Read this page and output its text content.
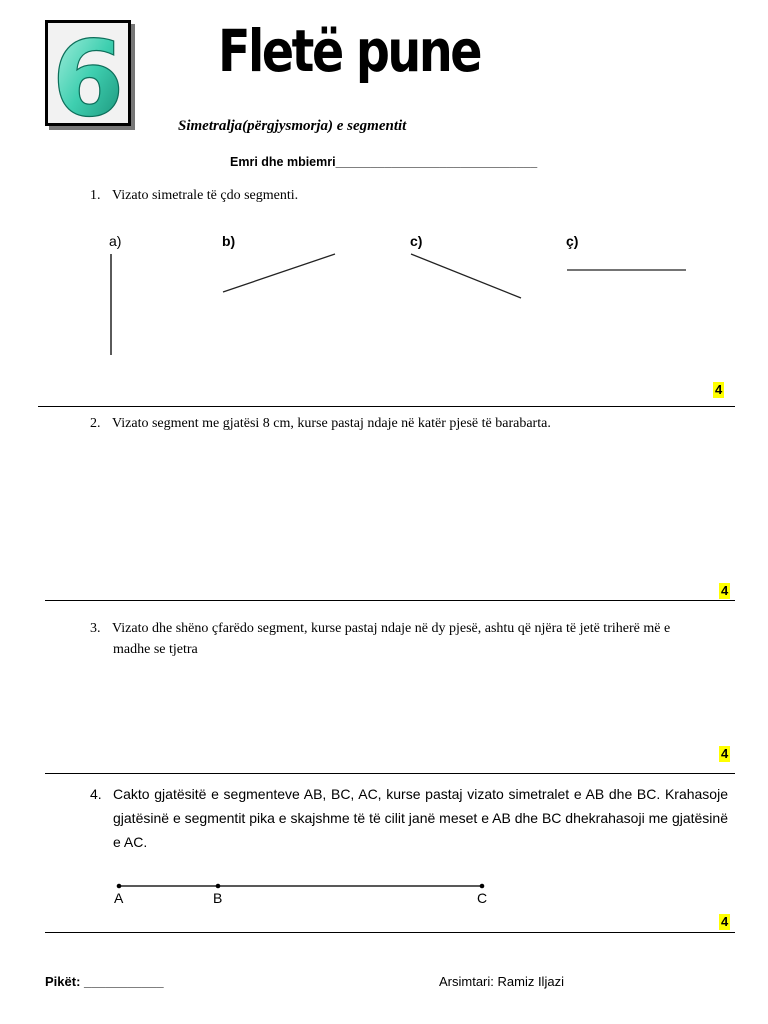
6 Fletë pune
Simetralja(përgjysmorja) e segmentit
Emri dhe mbiemri_____________________________
1. Vizato simetrale të çdo segmenti.
a)	b)	c)	ç)
4
2. Vizato segment me gjatësi 8 cm, kurse pastaj ndaje në katër pjesë të barabarta.
4
3. Vizato dhe shëno çfarëdo segment, kurse pastaj ndaje në dy pjesë, ashtu që njëra të jetë triherë më e
madhe se tjetra
4
4. Cakto gjatësitë e segmenteve AB, BC, AC, kurse pastaj vizato simetralet e AB dhe BC. Krahasoje gjatësinë e segmentit pika e skajshme të të cilit janë meset e AB dhe BC dhekrahasoji me gjatësinë e AC.
A	B	C
4
Pikët: ___________	Arsimtari: Ramiz Iljazi
